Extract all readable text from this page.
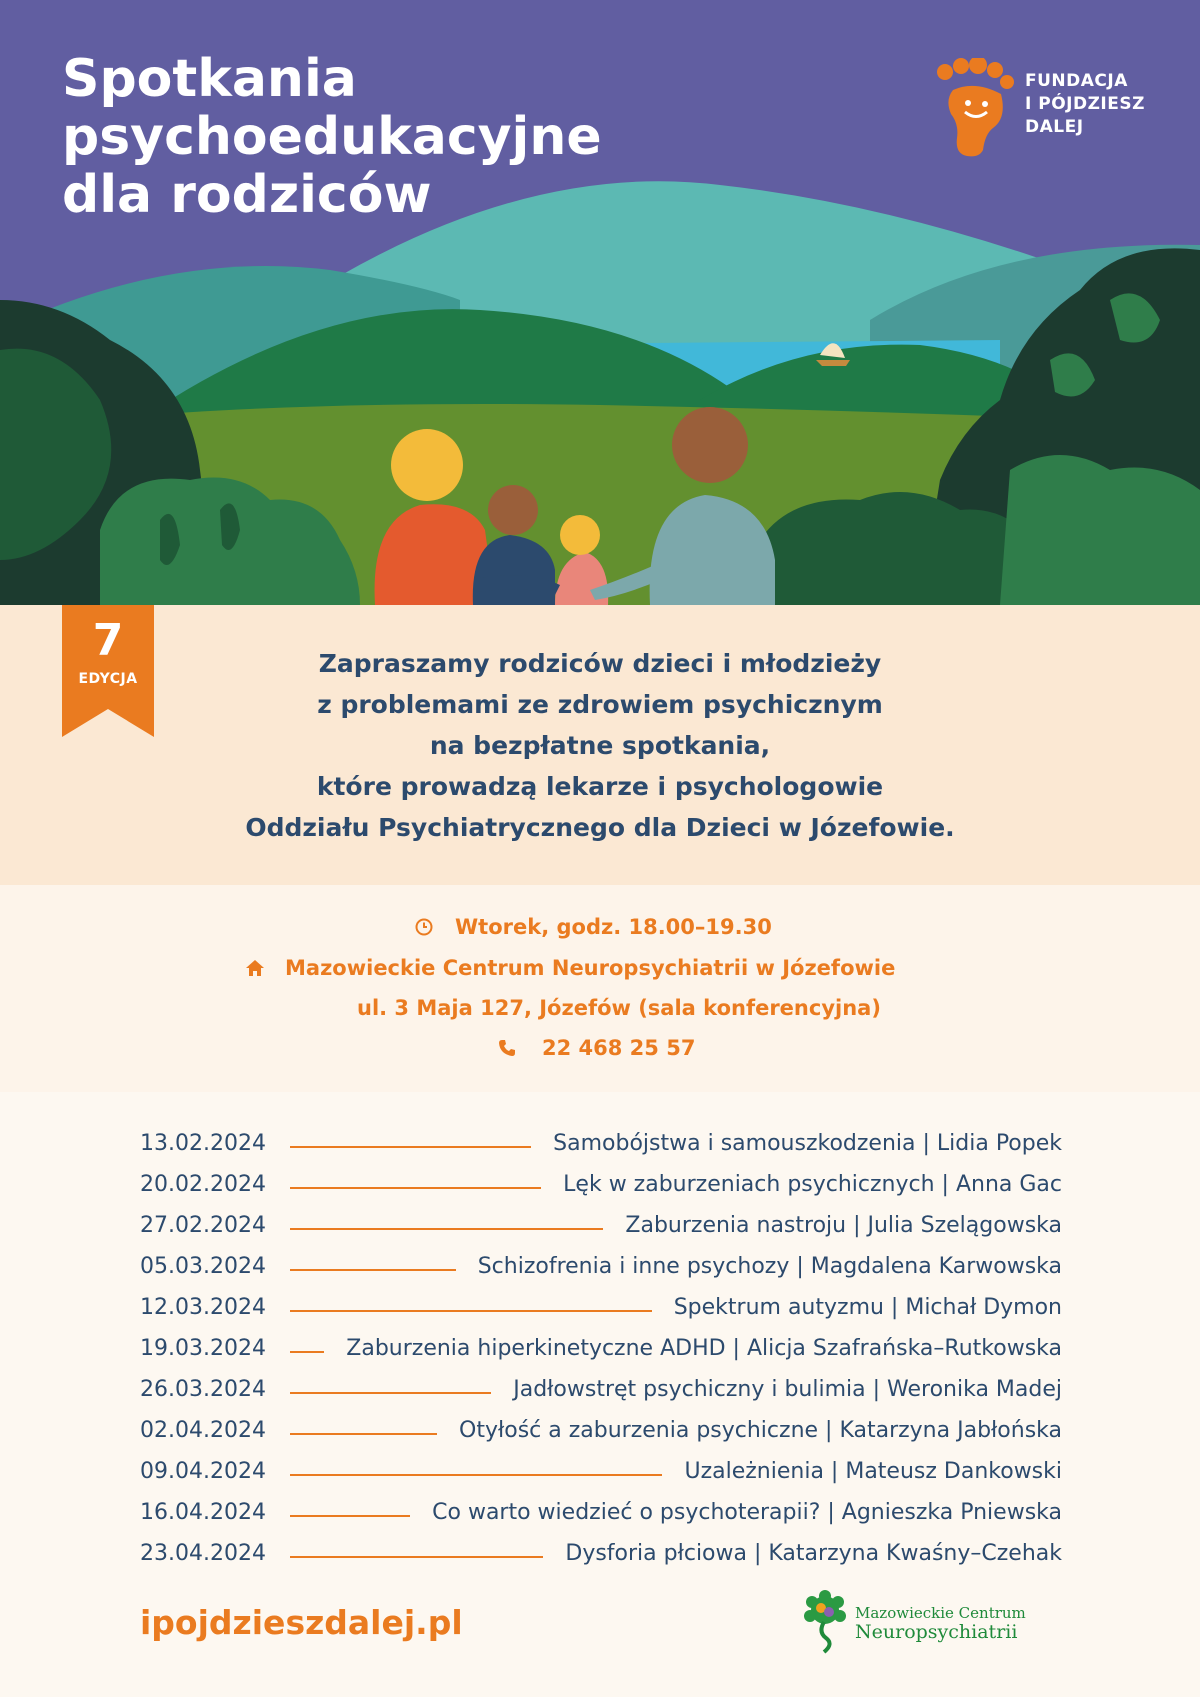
Spotkania
psychoedukacyjne
dla rodziców
FUNDACJA
I PÓJDZIESZ
DALEJ
7
EDYCJA
Zapraszamy rodziców dzieci i młodzieży
z problemami ze zdrowiem psychicznym
na bezpłatne spotkania,
które prowadzą lekarze i psychologowie
Oddziału Psychiatrycznego dla Dzieci w Józefowie.
Wtorek, godz. 18.00–19.30
Mazowieckie Centrum Neuropsychiatrii w Józefowie
ul. 3 Maja 127, Józefów (sala konferencyjna)
22 468 25 57
13.02.2024	Samobójstwa i samouszkodzenia | Lidia Popek
20.02.2024	Lęk w zaburzeniach psychicznych | Anna Gac
27.02.2024	Zaburzenia nastroju | Julia Szelągowska
05.03.2024	Schizofrenia i inne psychozy | Magdalena Karwowska
12.03.2024	Spektrum autyzmu | Michał Dymon
19.03.2024	Zaburzenia hiperkinetyczne ADHD | Alicja Szafrańska–Rutkowska
26.03.2024	Jadłowstręt psychiczny i bulimia | Weronika Madej
02.04.2024	Otyłość a zaburzenia psychiczne | Katarzyna Jabłońska
09.04.2024	Uzależnienia | Mateusz Dankowski
16.04.2024	Co warto wiedzieć o psychoterapii? | Agnieszka Pniewska
23.04.2024	Dysforia płciowa | Katarzyna Kwaśny–Czehak
ipojdzieszdalej.pl	Mazowieckie Centrum
Neuropsychiatrii
